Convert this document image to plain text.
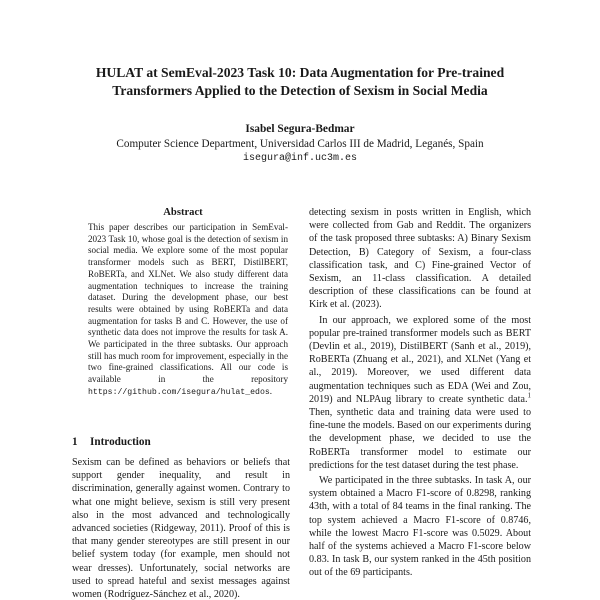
HULAT at SemEval-2023 Task 10: Data Augmentation for Pre-trained
Transformers Applied to the Detection of Sexism in Social Media
Isabel Segura-Bedmar
Computer Science Department, Universidad Carlos III de Madrid, Leganés, Spain
isegura@inf.uc3m.es
Abstract

This paper describes our participation in SemEval-2023 Task 10, whose goal is the detection of sexism in social media. We explore some of the most popular transformer models such as BERT, DistilBERT, RoBERTa, and XLNet. We also study different data augmentation techniques to increase the training dataset. During the development phase, our best results were obtained by using RoBERTa and data augmentation for tasks B and C. However, the use of synthetic data does not improve the results for task A. We participated in the three subtasks. Our approach still has much room for improvement, especially in the two fine-grained classifications. All our code is available in the repository https://github.com/isegura/hulat_edos.

1 Introduction

Sexism can be defined as behaviors or beliefs that support gender inequality, and result in discrimination, generally against women. Contrary to what one might believe, sexism is still very present also in the most advanced and technologically advanced societies (Ridgeway, 2011). Proof of this is that many gender stereotypes are still present in our belief system today (for example, men should not wear dresses). Unfortunately, social networks are used to spread hateful and sexist messages against women (Rodríguez-Sánchez et al., 2020).

detecting sexism in posts written in English, which were collected from Gab and Reddit. The organizers of the task proposed three subtasks: A) Binary Sexism Detection, B) Category of Sexism, a four-class classification task, and C) Fine-grained Vector of Sexism, an 11-class classification. A detailed description of these classifications can be found at Kirk et al. (2023).

In our approach, we explored some of the most popular pre-trained transformer models such as BERT (Devlin et al., 2019), DistilBERT (Sanh et al., 2019), RoBERTa (Zhuang et al., 2021), and XLNet (Yang et al., 2019). Moreover, we used different data augmentation techniques such as EDA (Wei and Zou, 2019) and NLPAug library to create synthetic data.$^1$ Then, synthetic data and training data were used to fine-tune the models. Based on our experiments during the development phase, we decided to use the RoBERTa transformer model to estimate our predictions for the test dataset during the test phase.

We participated in the three subtasks. In task A, our system obtained a Macro F1-score of 0.8298, ranking 43th, with a total of 84 teams in the final ranking. The top system achieved a Macro F1-score of 0.8746, while the lowest Macro F1-score was 0.5029. About half of the systems achieved a Macro F1-score below 0.83. In task B, our system ranked in the 45th position out of the 69 participants.
